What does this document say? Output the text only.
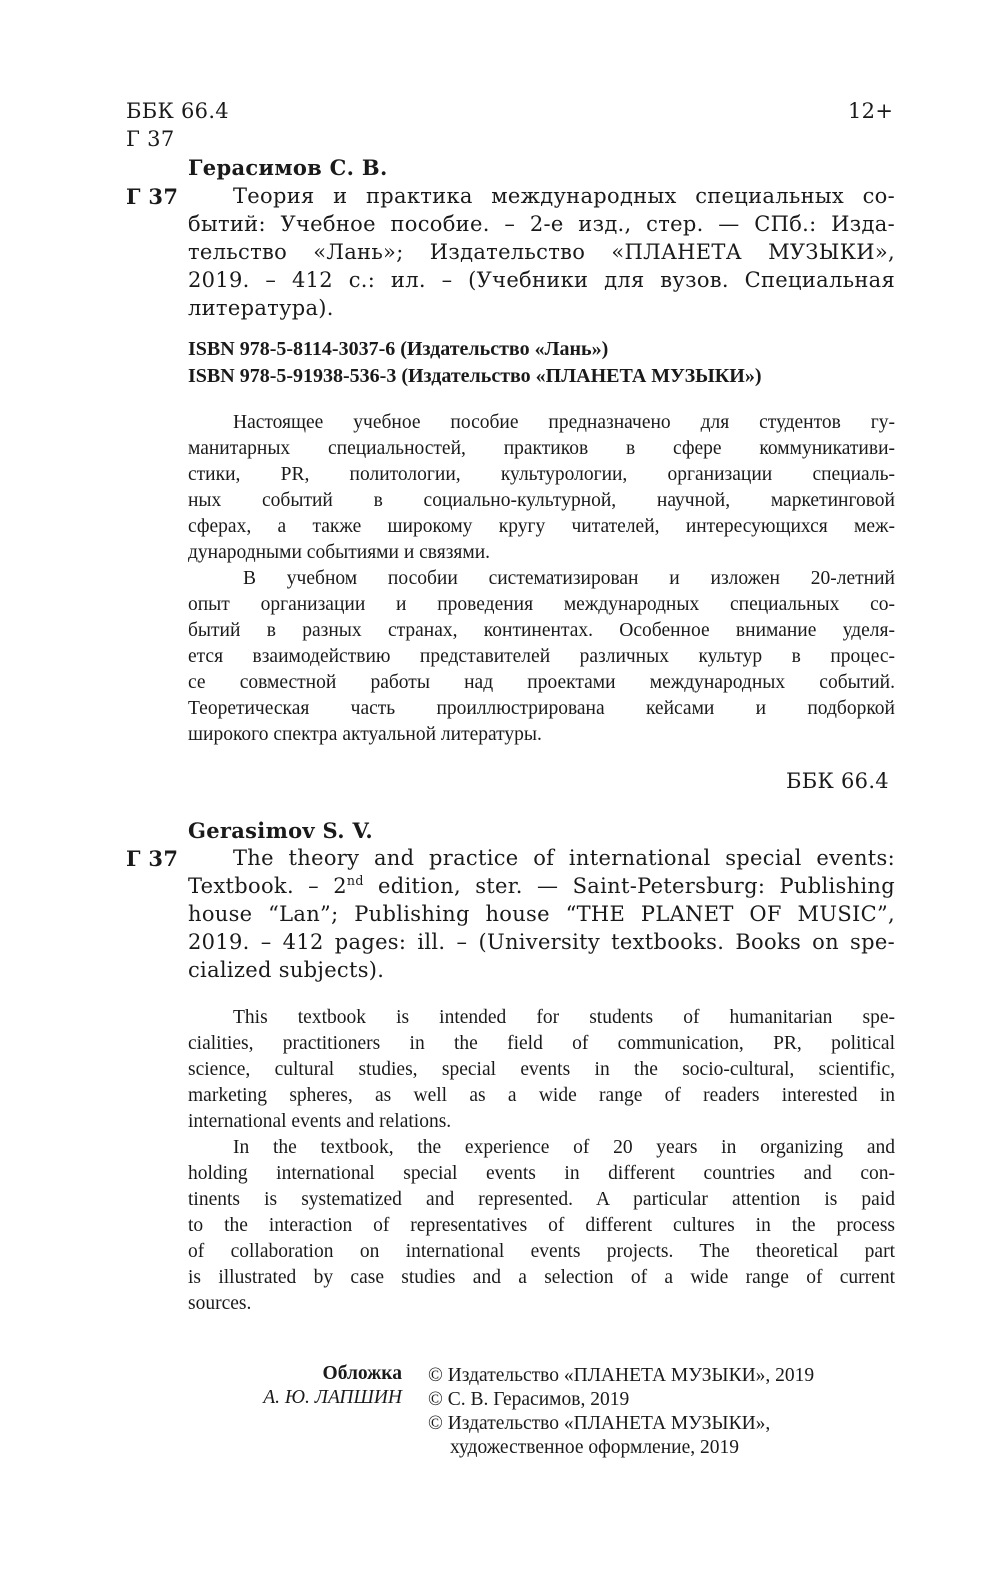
ББК 66.4	12+
Г 37
Герасимов С. В.
Г 37	Теория и практика международных специальных со-
бытий: Учебное пособие. – 2-е изд., стер. — СПб.: Изда-
тельство «Лань»; Издательство «ПЛАНЕТА МУЗЫКИ»,
2019. – 412 с.: ил. – (Учебники для вузов. Специальная
литература).
ISBN 978-5-8114-3037-6 (Издательство «Лань»)
ISBN 978-5-91938-536-3 (Издательство «ПЛАНЕТА МУЗЫКИ»)
Настоящее учебное пособие предназначено для студентов гу-
манитарных специальностей, практиков в сфере коммуникативи-
стики, PR, политологии, культурологии, организации специаль-
ных событий в социально-культурной, научной, маркетинговой
сферах, а также широкому кругу читателей, интересующихся меж-
дународными событиями и связями.
В учебном пособии систематизирован и изложен 20-летний
опыт организации и проведения международных специальных со-
бытий в разных странах, континентах. Особенное внимание уделя-
ется взаимодействию представителей различных культур в процес-
се совместной работы над проектами международных событий.
Теоретическая часть проиллюстрирована кейсами и подборкой
широкого спектра актуальной литературы.
ББК 66.4
Gerasimov S. V.
Г 37	The theory and practice of international special events:
Textbook. – 2nd edition, ster. — Saint-Petersburg: Publishing
house “Lan”; Publishing house “THE PLANET OF MUSIC”,
2019. – 412 pages: ill. – (University textbooks. Books on spe-
cialized subjects).
This textbook is intended for students of humanitarian spe-
cialities, practitioners in the field of communication, PR, political
science, cultural studies, special events in the socio-cultural, scientific,
marketing spheres, as well as a wide range of readers interested in
international events and relations.
In the textbook, the experience of 20 years in organizing and
holding international special events in different countries and con-
tinents is systematized and represented. A particular attention is paid
to the interaction of representatives of different cultures in the process
of collaboration on international events projects. The theoretical part
is illustrated by case studies and a selection of a wide range of current
sources.
Обложка
А. Ю. ЛАПШИН
© Издательство «ПЛАНЕТА МУЗЫКИ», 2019
© С. В. Герасимов, 2019
© Издательство «ПЛАНЕТА МУЗЫКИ»,
художественное оформление, 2019
